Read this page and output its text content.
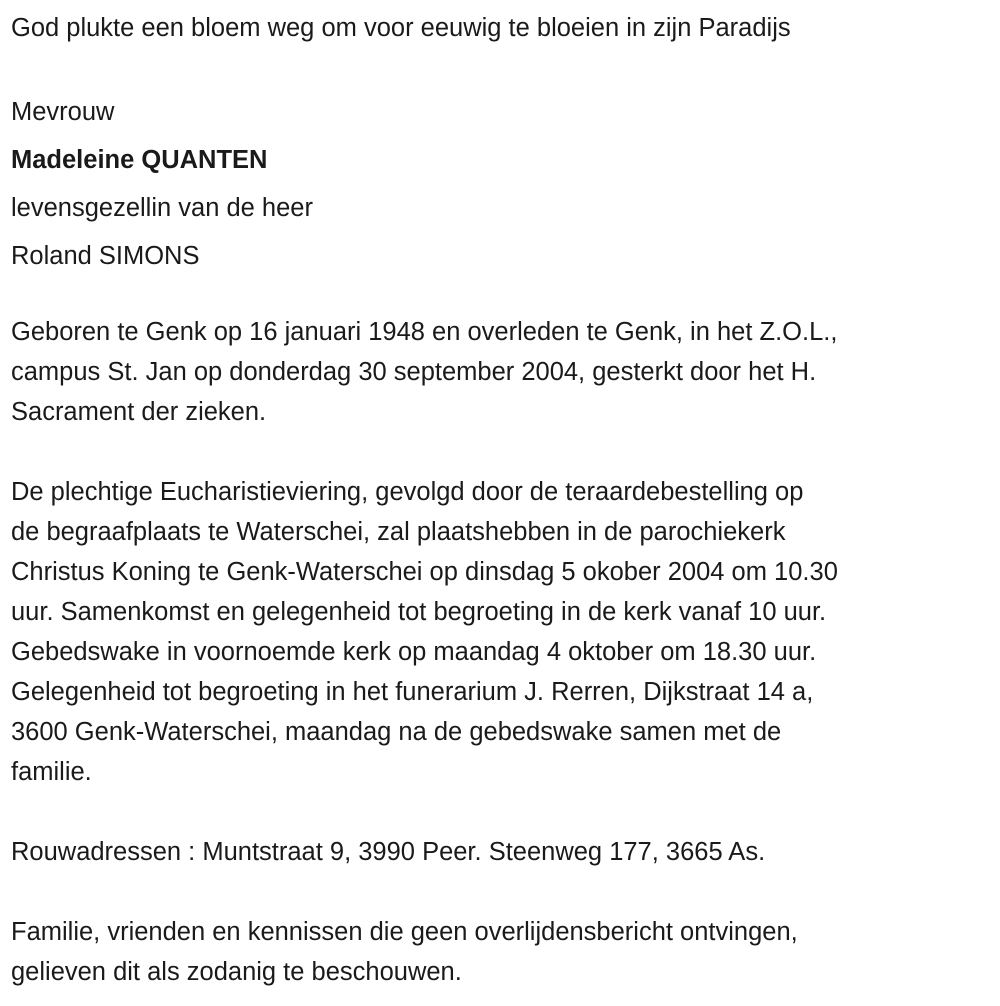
God plukte een bloem weg om voor eeuwig te bloeien in zijn Paradijs
Mevrouw
Madeleine QUANTEN
levensgezellin van de heer
Roland SIMONS
Geboren te Genk op 16 januari 1948 en overleden te Genk, in het Z.O.L.,
campus St. Jan op donderdag 30 september 2004, gesterkt door het H.
Sacrament der zieken.
De plechtige Eucharistieviering, gevolgd door de teraardebestelling op
de begraafplaats te Waterschei, zal plaatshebben in de parochiekerk
Christus Koning te Genk-Waterschei op dinsdag 5 okober 2004 om 10.30
uur. Samenkomst en gelegenheid tot begroeting in de kerk vanaf 10 uur.
Gebedswake in voornoemde kerk op maandag 4 oktober om 18.30 uur.
Gelegenheid tot begroeting in het funerarium J. Rerren, Dijkstraat 14 a,
3600 Genk-Waterschei, maandag na de gebedswake samen met de
familie.
Rouwadressen : Muntstraat 9, 3990 Peer. Steenweg 177, 3665 As.
Familie, vrienden en kennissen die geen overlijdensbericht ontvingen,
gelieven dit als zodanig te beschouwen.
